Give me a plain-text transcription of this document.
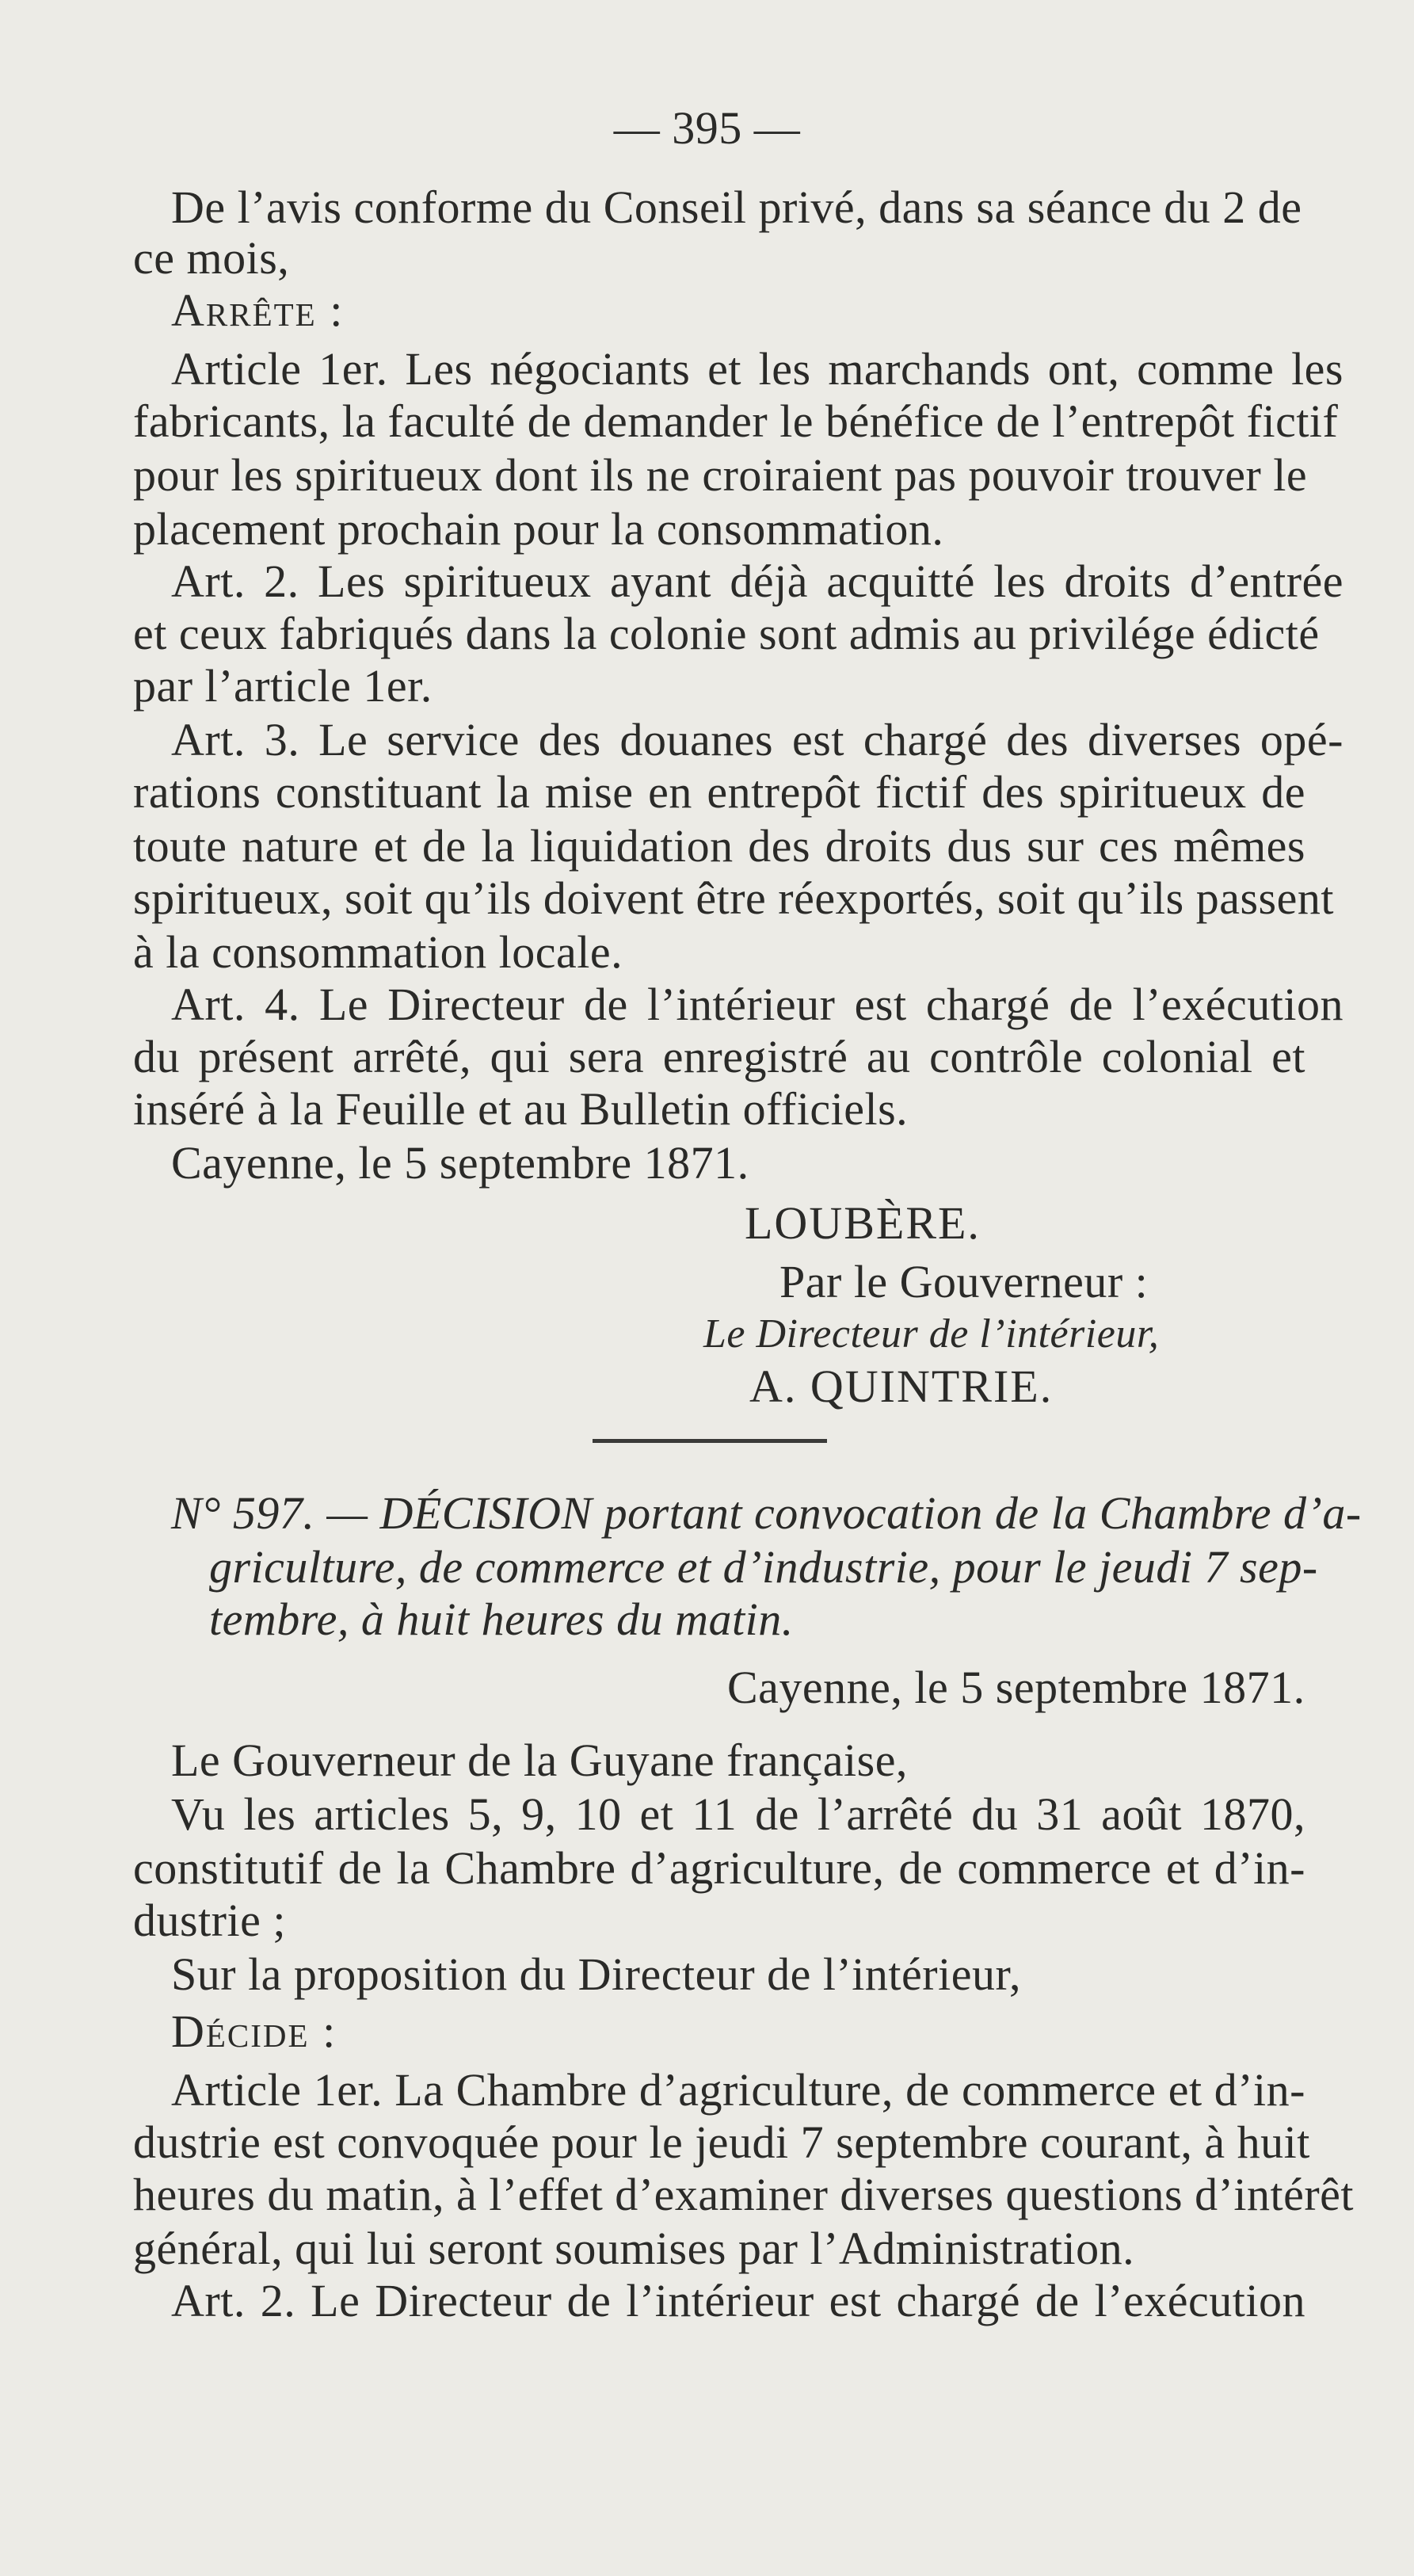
— 395 —
De l’avis conforme du Conseil privé, dans sa séance du 2 de
ce mois,
Arrête :
Article 1er. Les négociants et les marchands ont, comme les
fabricants, la faculté de demander le bénéfice de l’entrepôt fictif
pour les spiritueux dont ils ne croiraient pas pouvoir trouver le
placement prochain pour la consommation.
Art. 2. Les spiritueux ayant déjà acquitté les droits d’entrée
et ceux fabriqués dans la colonie sont admis au privilége édicté
par l’article 1er.
Art. 3. Le service des douanes est chargé des diverses opé-
rations constituant la mise en entrepôt fictif des spiritueux de
toute nature et de la liquidation des droits dus sur ces mêmes
spiritueux, soit qu’ils doivent être réexportés, soit qu’ils passent
à la consommation locale.
Art. 4. Le Directeur de l’intérieur est chargé de l’exécution
du présent arrêté, qui sera enregistré au contrôle colonial et
inséré à la Feuille et au Bulletin officiels.
Cayenne, le 5 septembre 1871.
LOUBÈRE.
Par le Gouverneur :
Le Directeur de l’intérieur,
A. QUINTRIE.
N° 597. — DÉCISION portant convocation de la Chambre d’a-
griculture, de commerce et d’industrie, pour le jeudi 7 sep-
tembre, à huit heures du matin.
Cayenne, le 5 septembre 1871.
Le Gouverneur de la Guyane française,
Vu les articles 5, 9, 10 et 11 de l’arrêté du 31 août 1870,
constitutif de la Chambre d’agriculture, de commerce et d’in-
dustrie ;
Sur la proposition du Directeur de l’intérieur,
Décide :
Article 1er. La Chambre d’agriculture, de commerce et d’in-
dustrie est convoquée pour le jeudi 7 septembre courant, à huit
heures du matin, à l’effet d’examiner diverses questions d’intérêt
général, qui lui seront soumises par l’Administration.
Art. 2. Le Directeur de l’intérieur est chargé de l’exécution
